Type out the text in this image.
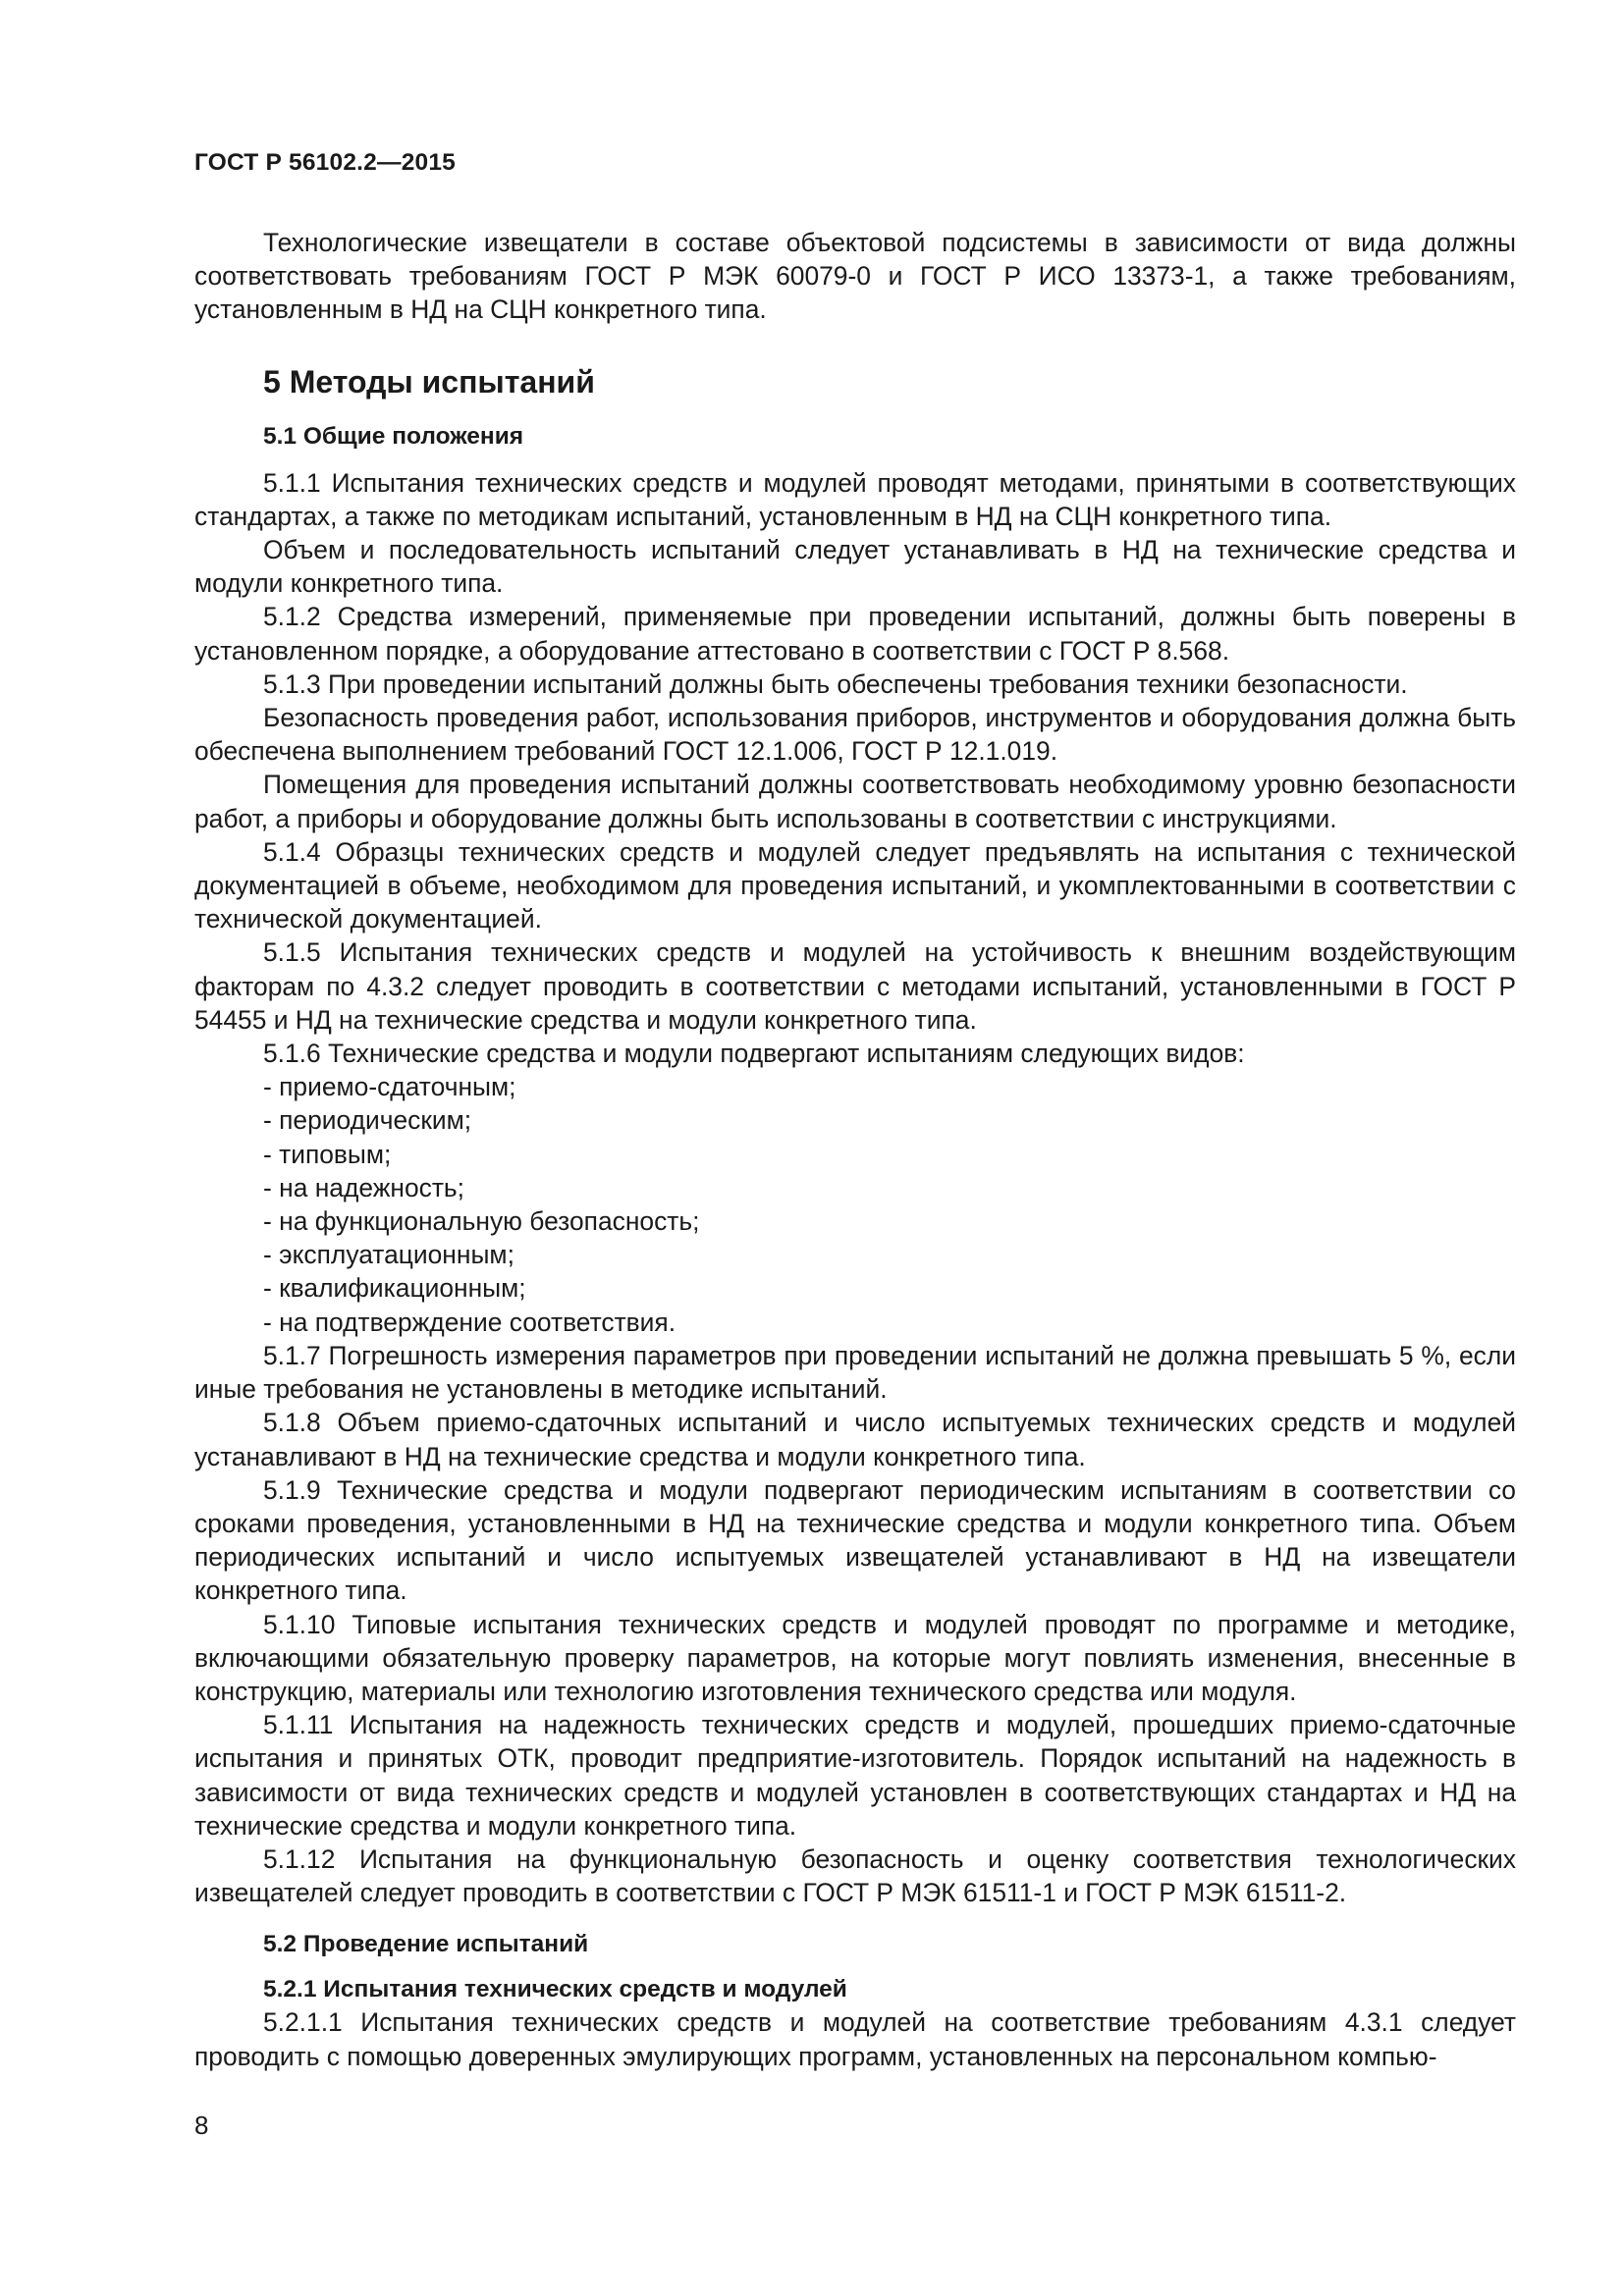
ГОСТ Р 56102.2—2015

Технологические извещатели в составе объектовой подсистемы в зависимости от вида должны соответствовать требованиям ГОСТ Р МЭК 60079-0 и ГОСТ Р ИСО 13373-1, а также требованиям, установленным в НД на СЦН конкретного типа.

5 Методы испытаний
5.1 Общие положения

5.1.1 Испытания технических средств и модулей проводят методами, принятыми в соответствующих стандартах, а также по методикам испытаний, установленным в НД на СЦН конкретного типа.

Объем и последовательность испытаний следует устанавливать в НД на технические средства и модули конкретного типа.

5.1.2 Средства измерений, применяемые при проведении испытаний, должны быть поверены в установленном порядке, а оборудование аттестовано в соответствии с ГОСТ Р 8.568.

5.1.3 При проведении испытаний должны быть обеспечены требования техники безопасности.

Безопасность проведения работ, использования приборов, инструментов и оборудования должна быть обеспечена выполнением требований ГОСТ 12.1.006, ГОСТ Р 12.1.019.

Помещения для проведения испытаний должны соответствовать необходимому уровню безопасности работ, а приборы и оборудование должны быть использованы в соответствии с инструкциями.

5.1.4 Образцы технических средств и модулей следует предъявлять на испытания с технической документацией в объеме, необходимом для проведения испытаний, и укомплектованными в соответствии с технической документацией.

5.1.5 Испытания технических средств и модулей на устойчивость к внешним воздействующим факторам по 4.3.2 следует проводить в соответствии с методами испытаний, установленными в ГОСТ Р 54455 и НД на технические средства и модули конкретного типа.

5.1.6 Технические средства и модули подвергают испытаниям следующих видов:

- приемо-сдаточным;
- периодическим;
- типовым;
- на надежность;
- на функциональную безопасность;
- эксплуатационным;
- квалификационным;
- на подтверждение соответствия.

5.1.7 Погрешность измерения параметров при проведении испытаний не должна превышать 5 %, если иные требования не установлены в методике испытаний.

5.1.8 Объем приемо-сдаточных испытаний и число испытуемых технических средств и модулей устанавливают в НД на технические средства и модули конкретного типа.

5.1.9 Технические средства и модули подвергают периодическим испытаниям в соответствии со сроками проведения, установленными в НД на технические средства и модули конкретного типа. Объем периодических испытаний и число испытуемых извещателей устанавливают в НД на извещатели конкретного типа.

5.1.10 Типовые испытания технических средств и модулей проводят по программе и методике, включающими обязательную проверку параметров, на которые могут повлиять изменения, внесенные в конструкцию, материалы или технологию изготовления технического средства или модуля.

5.1.11 Испытания на надежность технических средств и модулей, прошедших приемо-сдаточные испытания и принятых ОТК, проводит предприятие-изготовитель. Порядок испытаний на надежность в зависимости от вида технических средств и модулей установлен в соответствующих стандартах и НД на технические средства и модули конкретного типа.

5.1.12 Испытания на функциональную безопасность и оценку соответствия технологических извещателей следует проводить в соответствии с ГОСТ Р МЭК 61511-1 и ГОСТ Р МЭК 61511-2.

5.2 Проведение испытаний
5.2.1 Испытания технических средств и модулей

5.2.1.1 Испытания технических средств и модулей на соответствие требованиям 4.3.1 следует проводить с помощью доверенных эмулирующих программ, установленных на персональном компью-

8
